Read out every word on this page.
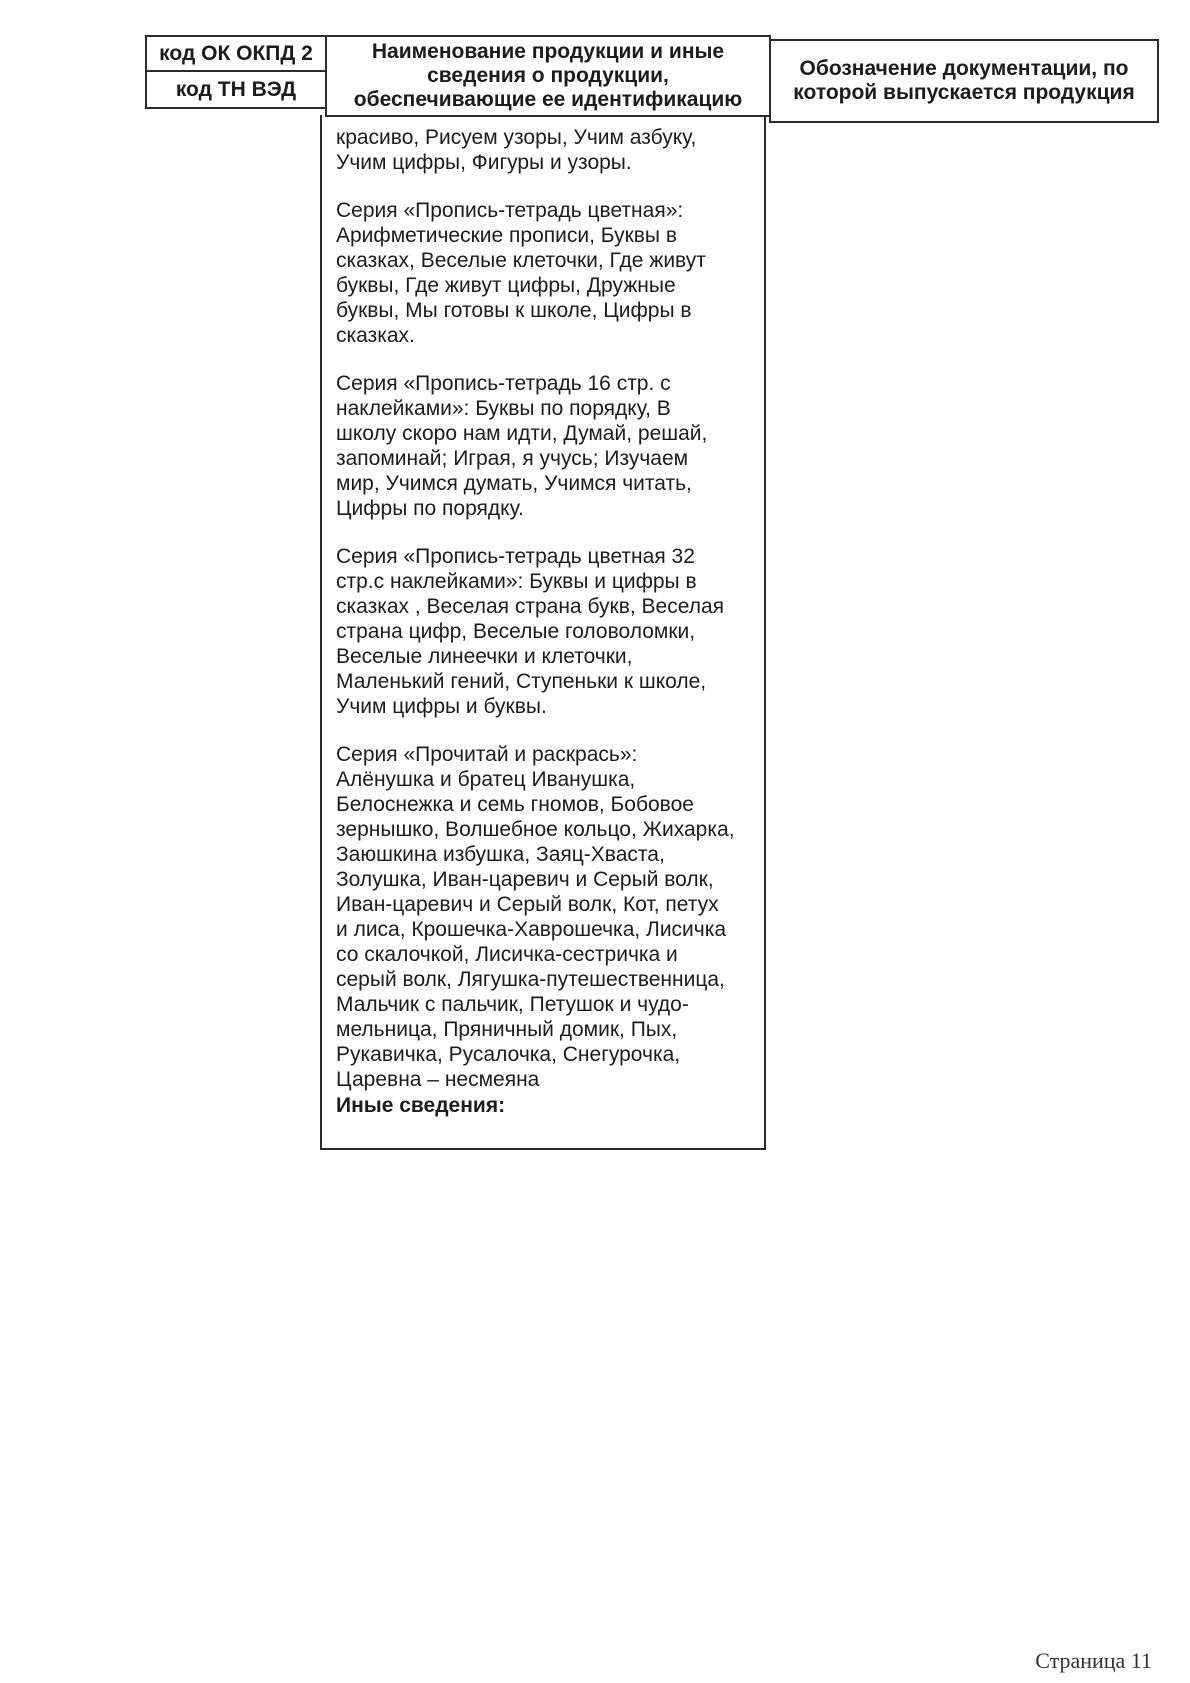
код ОК ОКПД 2
код ТН ВЭД
Наименование продукции и иные сведения о продукции, обеспечивающие ее идентификацию
Обозначение документации, по которой выпускается продукция

красиво, Рисуем узоры, Учим азбуку,
Учим цифры, Фигуры и узоры.

Серия «Пропись-тетрадь цветная»:
Арифметические прописи, Буквы в
сказках, Веселые клеточки, Где живут
буквы, Где живут цифры, Дружные
буквы, Мы готовы к школе, Цифры в
сказках.

Серия «Пропись-тетрадь 16 стр. с
наклейками»: Буквы по порядку, В
школу скоро нам идти, Думай, решай,
запоминай; Играя, я учусь; Изучаем
мир, Учимся думать, Учимся читать,
Цифры по порядку.

Серия «Пропись-тетрадь цветная 32
стр.с наклейками»: Буквы и цифры в
сказках , Веселая страна букв, Веселая
страна цифр, Веселые головоломки,
Веселые линеечки и клеточки,
Маленький гений, Ступеньки к школе,
Учим цифры и буквы.

Серия «Прочитай и раскрась»:
Алёнушка и братец Иванушка,
Белоснежка и семь гномов, Бобовое
зернышко, Волшебное кольцо, Жихарка,
Заюшкина избушка, Заяц-Хваста,
Золушка, Иван-царевич и Серый волк,
Иван-царевич и Серый волк, Кот, петух
и лиса, Крошечка-Хаврошечка, Лисичка
со скалочкой, Лисичка-сестричка и
серый волк, Лягушка-путешественница,
Мальчик с пальчик, Петушок и чудо-
мельница, Пряничный домик, Пых,
Рукавичка, Русалочка, Снегурочка,
Царевна – несмеяна

Иные сведения:
Страница 11
